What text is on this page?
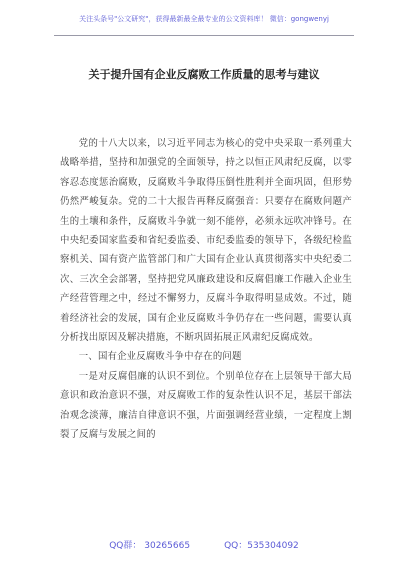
关注头条号"公文研究"，获得最新最全最专业的公文资料库！ 微信：gongwenyj
关于提升国有企业反腐败工作质量的思考与建议

党的十八大以来，以习近平同志为核心的党中央采取一系列重大战略举措，坚持和加强党的全面领导，持之以恒正风肃纪反腐，以零容忍态度惩治腐败，反腐败斗争取得压倒性胜利并全面巩固，但形势仍然严峻复杂。党的二十大报告再释反腐强音：只要存在腐败问题产生的土壤和条件，反腐败斗争就一刻不能停，必须永远吹冲锋号。在中央纪委国家监委和省纪委监委、市纪委监委的领导下，各级纪检监察机关、国有资产监管部门和广大国有企业认真贯彻落实中央纪委二次、三次全会部署，坚持把党风廉政建设和反腐倡廉工作融入企业生产经营管理之中，经过不懈努力，反腐斗争取得明显成效。不过，随着经济社会的发展，国有企业反腐败斗争仍存在一些问题，需要认真分析找出原因及解决措施，不断巩固拓展正风肃纪反腐成效。

一、国有企业反腐败斗争中存在的问题

一是对反腐倡廉的认识不到位。个别单位存在上层领导干部大局意识和政治意识不强，对反腐败工作的复杂性认识不足，基层干部法治观念淡薄，廉洁自律意识不强，片面强调经营业绩，一定程度上割裂了反腐与发展之间的

QQ群： 30265665	QQ：535304092
